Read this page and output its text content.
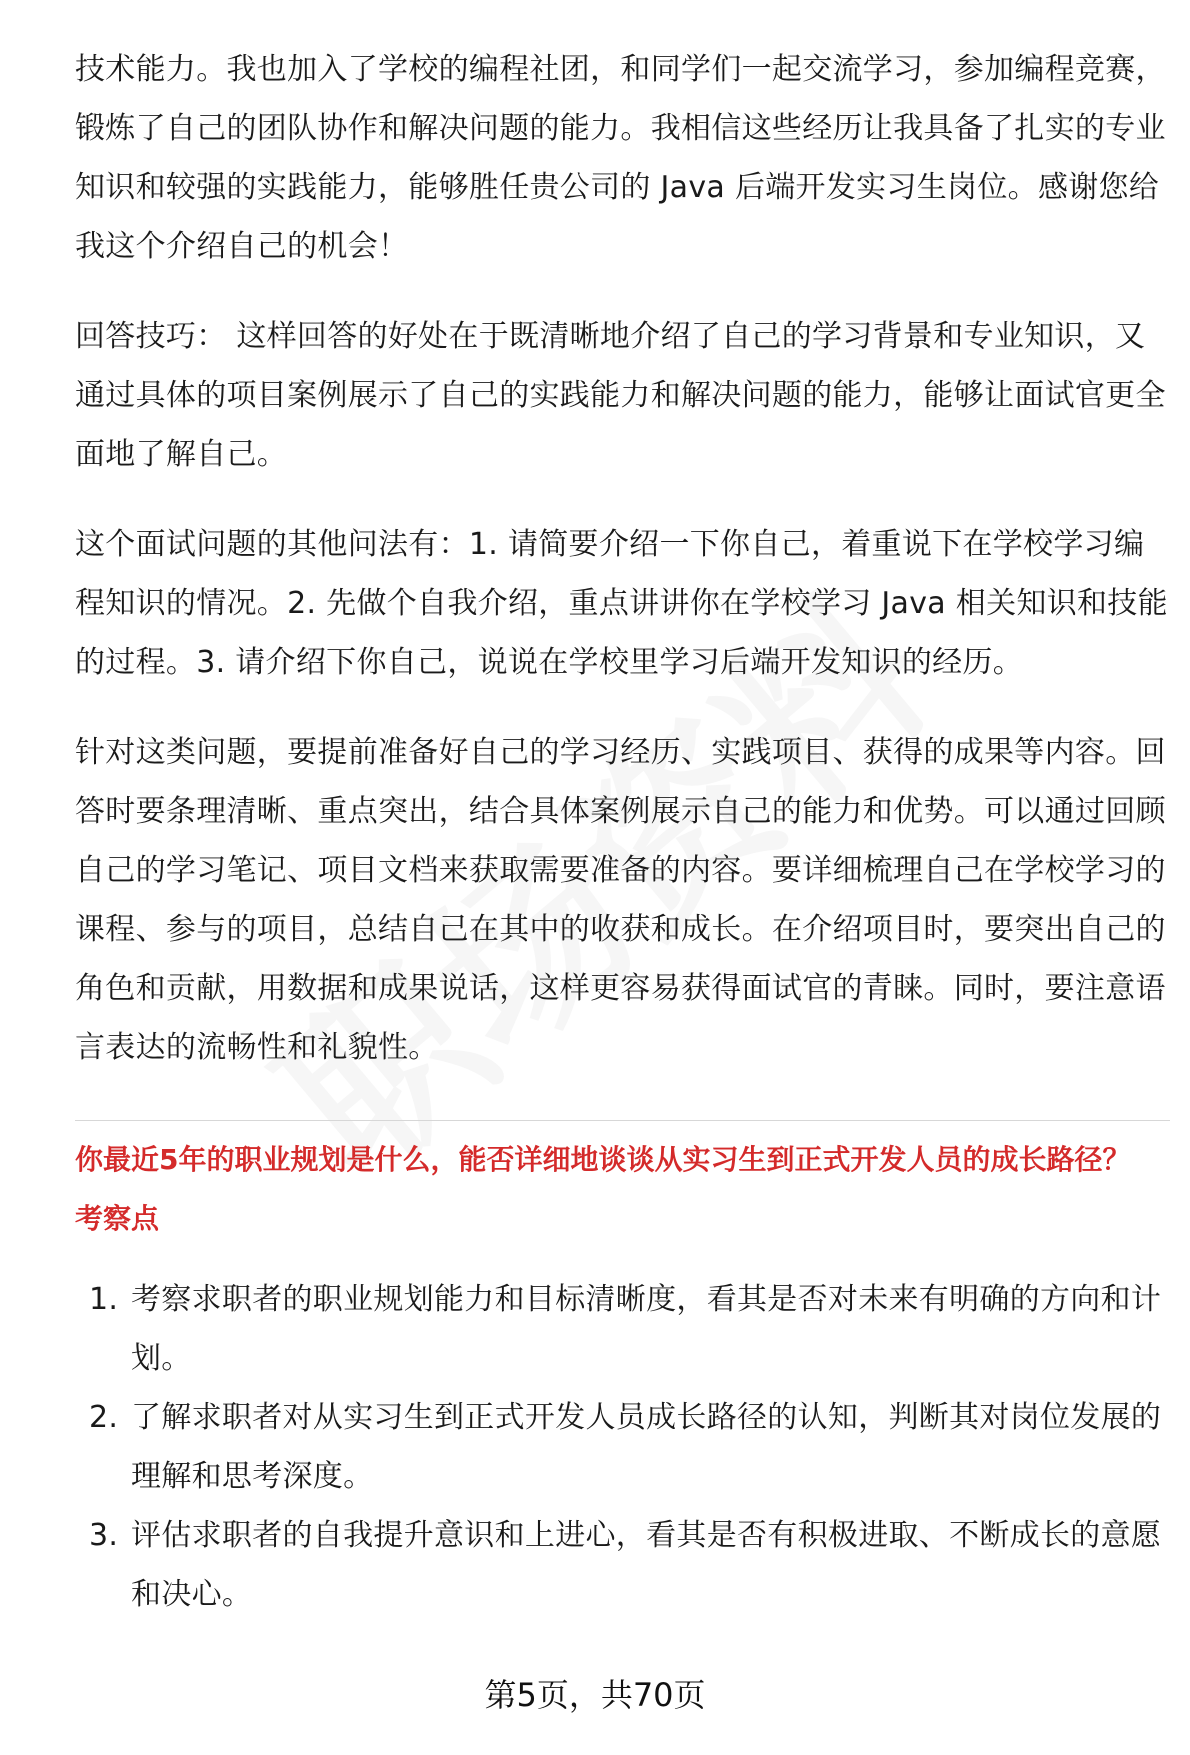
技术能力。我也加入了学校的编程社团，和同学们一起交流学习，参加编程竞赛，锻炼了自己的团队协作和解决问题的能力。我相信这些经历让我具备了扎实的专业知识和较强的实践能力，能够胜任贵公司的 Java 后端开发实习生岗位。感谢您给我这个介绍自己的机会！

回答技巧： 这样回答的好处在于既清晰地介绍了自己的学习背景和专业知识，又通过具体的项目案例展示了自己的实践能力和解决问题的能力，能够让面试官更全面地了解自己。

这个面试问题的其他问法有：1. 请简要介绍一下你自己，着重说下在学校学习编程知识的情况。2. 先做个自我介绍，重点讲讲你在学校学习 Java 相关知识和技能的过程。3. 请介绍下你自己，说说在学校里学习后端开发知识的经历。

针对这类问题，要提前准备好自己的学习经历、实践项目、获得的成果等内容。回答时要条理清晰、重点突出，结合具体案例展示自己的能力和优势。可以通过回顾自己的学习笔记、项目文档来获取需要准备的内容。要详细梳理自己在学校学习的课程、参与的项目，总结自己在其中的收获和成长。在介绍项目时，要突出自己的角色和贡献，用数据和成果说话，这样更容易获得面试官的青睐。同时，要注意语言表达的流畅性和礼貌性。

你最近5年的职业规划是什么，能否详细地谈谈从实习生到正式开发人员的成长路径？
考察点
1. 考察求职者的职业规划能力和目标清晰度，看其是否对未来有明确的方向和计划。
2. 了解求职者对从实习生到正式开发人员成长路径的认知，判断其对岗位发展的理解和思考深度。
3. 评估求职者的自我提升意识和上进心，看其是否有积极进取、不断成长的意愿和决心。
第5页，共70页
